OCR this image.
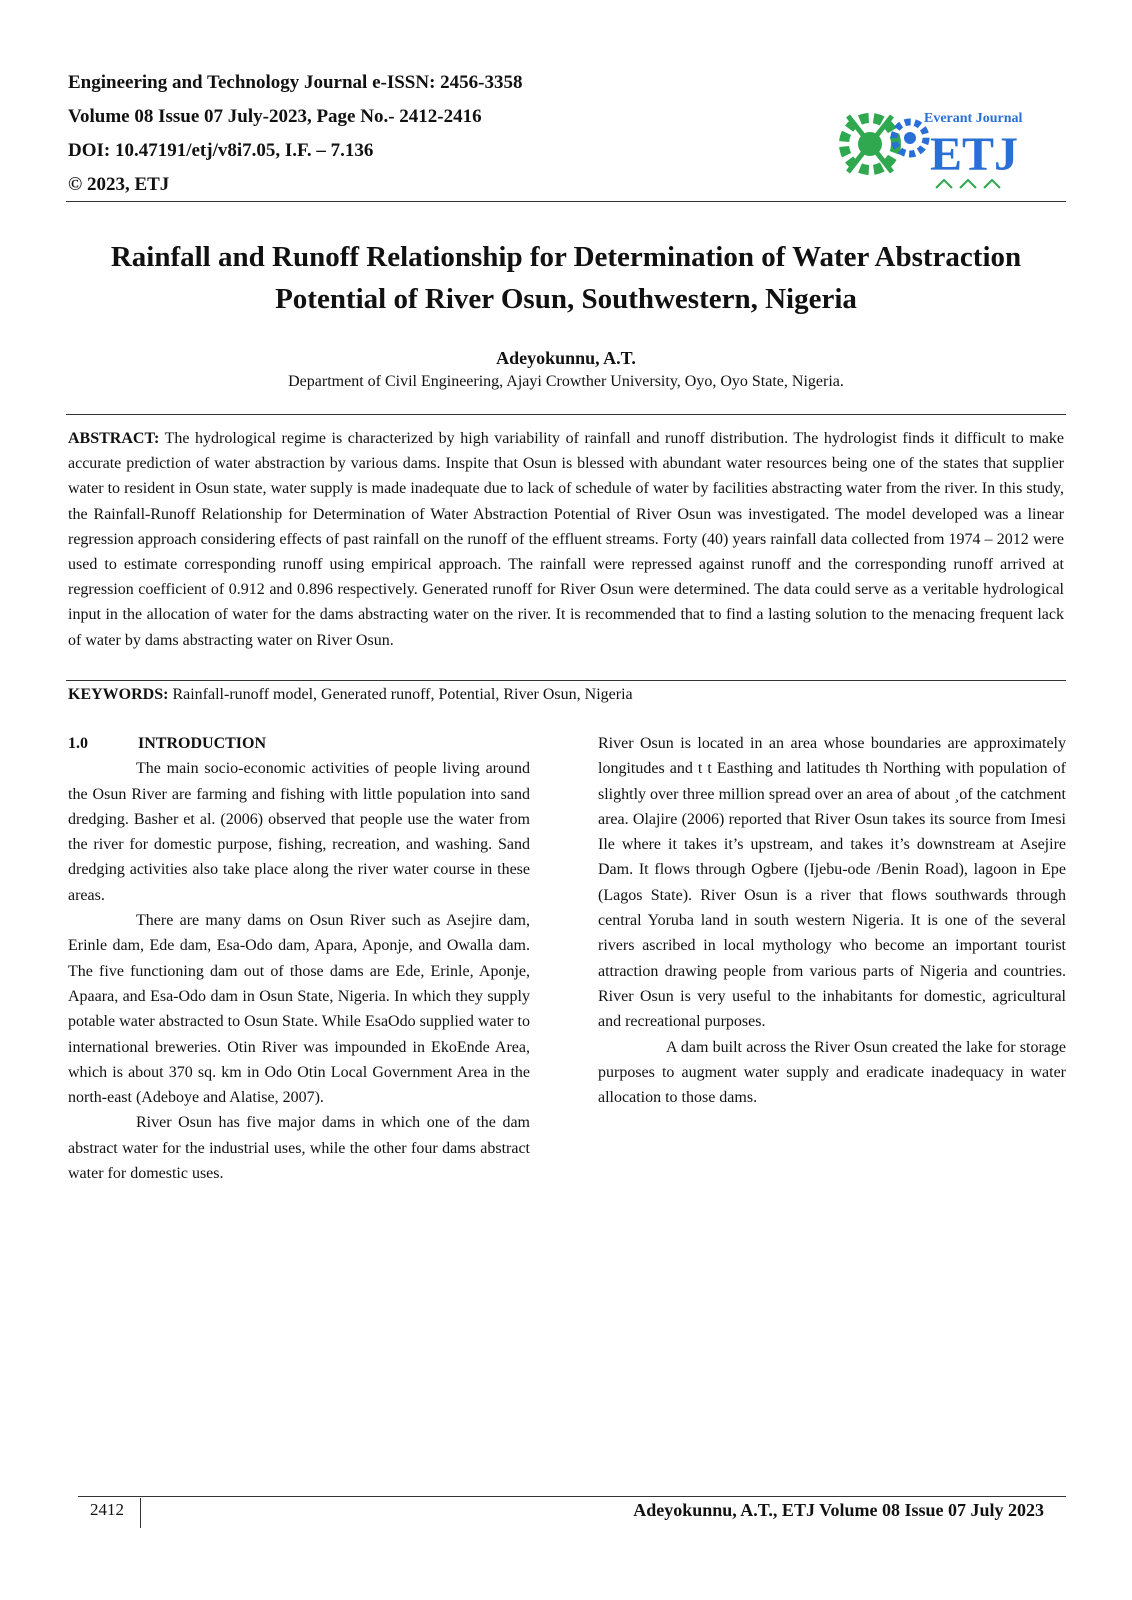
Engineering and Technology Journal e-ISSN: 2456-3358
Volume 08 Issue 07 July-2023, Page No.- 2412-2416
DOI: 10.47191/etj/v8i7.05, I.F. – 7.136
© 2023, ETJ
Everant Journal
ETJ
Rainfall and Runoff Relationship for Determination of Water Abstraction Potential of River Osun, Southwestern, Nigeria
Adeyokunnu, A.T.
Department of Civil Engineering, Ajayi Crowther University, Oyo, Oyo State, Nigeria.
ABSTRACT: The hydrological regime is characterized by high variability of rainfall and runoff distribution. The hydrologist finds it difficult to make accurate prediction of water abstraction by various dams. Inspite that Osun is blessed with abundant water resources being one of the states that supplier water to resident in Osun state, water supply is made inadequate due to lack of schedule of water by facilities abstracting water from the river. In this study, the Rainfall-Runoff Relationship for Determination of Water Abstraction Potential of River Osun was investigated. The model developed was a linear regression approach considering effects of past rainfall on the runoff of the effluent streams. Forty (40) years rainfall data collected from 1974 – 2012 were used to estimate corresponding runoff using empirical approach. The rainfall were repressed against runoff and the corresponding runoff arrived at regression coefficient of 0.912 and 0.896 respectively. Generated runoff for River Osun were determined. The data could serve as a veritable hydrological input in the allocation of water for the dams abstracting water on the river. It is recommended that to find a lasting solution to the menacing frequent lack of water by dams abstracting water on River Osun.
KEYWORDS: Rainfall-runoff model, Generated runoff, Potential, River Osun, Nigeria

1.0	INTRODUCTION

The main socio-economic activities of people living around the Osun River are farming and fishing with little population into sand dredging. Basher et al. (2006) observed that people use the water from the river for domestic purpose, fishing, recreation, and washing. Sand dredging activities also take place along the river water course in these areas.

There are many dams on Osun River such as Asejire dam, Erinle dam, Ede dam, Esa-Odo dam, Apara, Aponje, and Owalla dam. The five functioning dam out of those dams are Ede, Erinle, Aponje, Apaara, and Esa-Odo dam in Osun State, Nigeria. In which they supply potable water abstracted to Osun State. While EsaOdo supplied water to international breweries. Otin River was impounded in EkoEnde Area, which is about 370 sq. km in Odo Otin Local Government Area in the north-east (Adeboye and Alatise, 2007).

River Osun has five major dams in which one of the dam abstract water for the industrial uses, while the other four dams abstract water for domestic uses.

River Osun is located in an area whose boundaries are approximately longitudes and t t Easthing and latitudes th Northing with population of slightly over three million spread over an area of about ¸of the catchment area. Olajire (2006) reported that River Osun takes its source from Imesi Ile where it takes it’s upstream, and takes it’s downstream at Asejire Dam. It flows through Ogbere (Ijebu-ode /Benin Road), lagoon in Epe (Lagos State). River Osun is a river that flows southwards through central Yoruba land in south western Nigeria. It is one of the several rivers ascribed in local mythology who become an important tourist attraction drawing people from various parts of Nigeria and countries. River Osun is very useful to the inhabitants for domestic, agricultural and recreational purposes.

A dam built across the River Osun created the lake for storage purposes to augment water supply and eradicate inadequacy in water allocation to those dams.

2412	Adeyokunnu, A.T., ETJ Volume 08 Issue 07 July 2023
